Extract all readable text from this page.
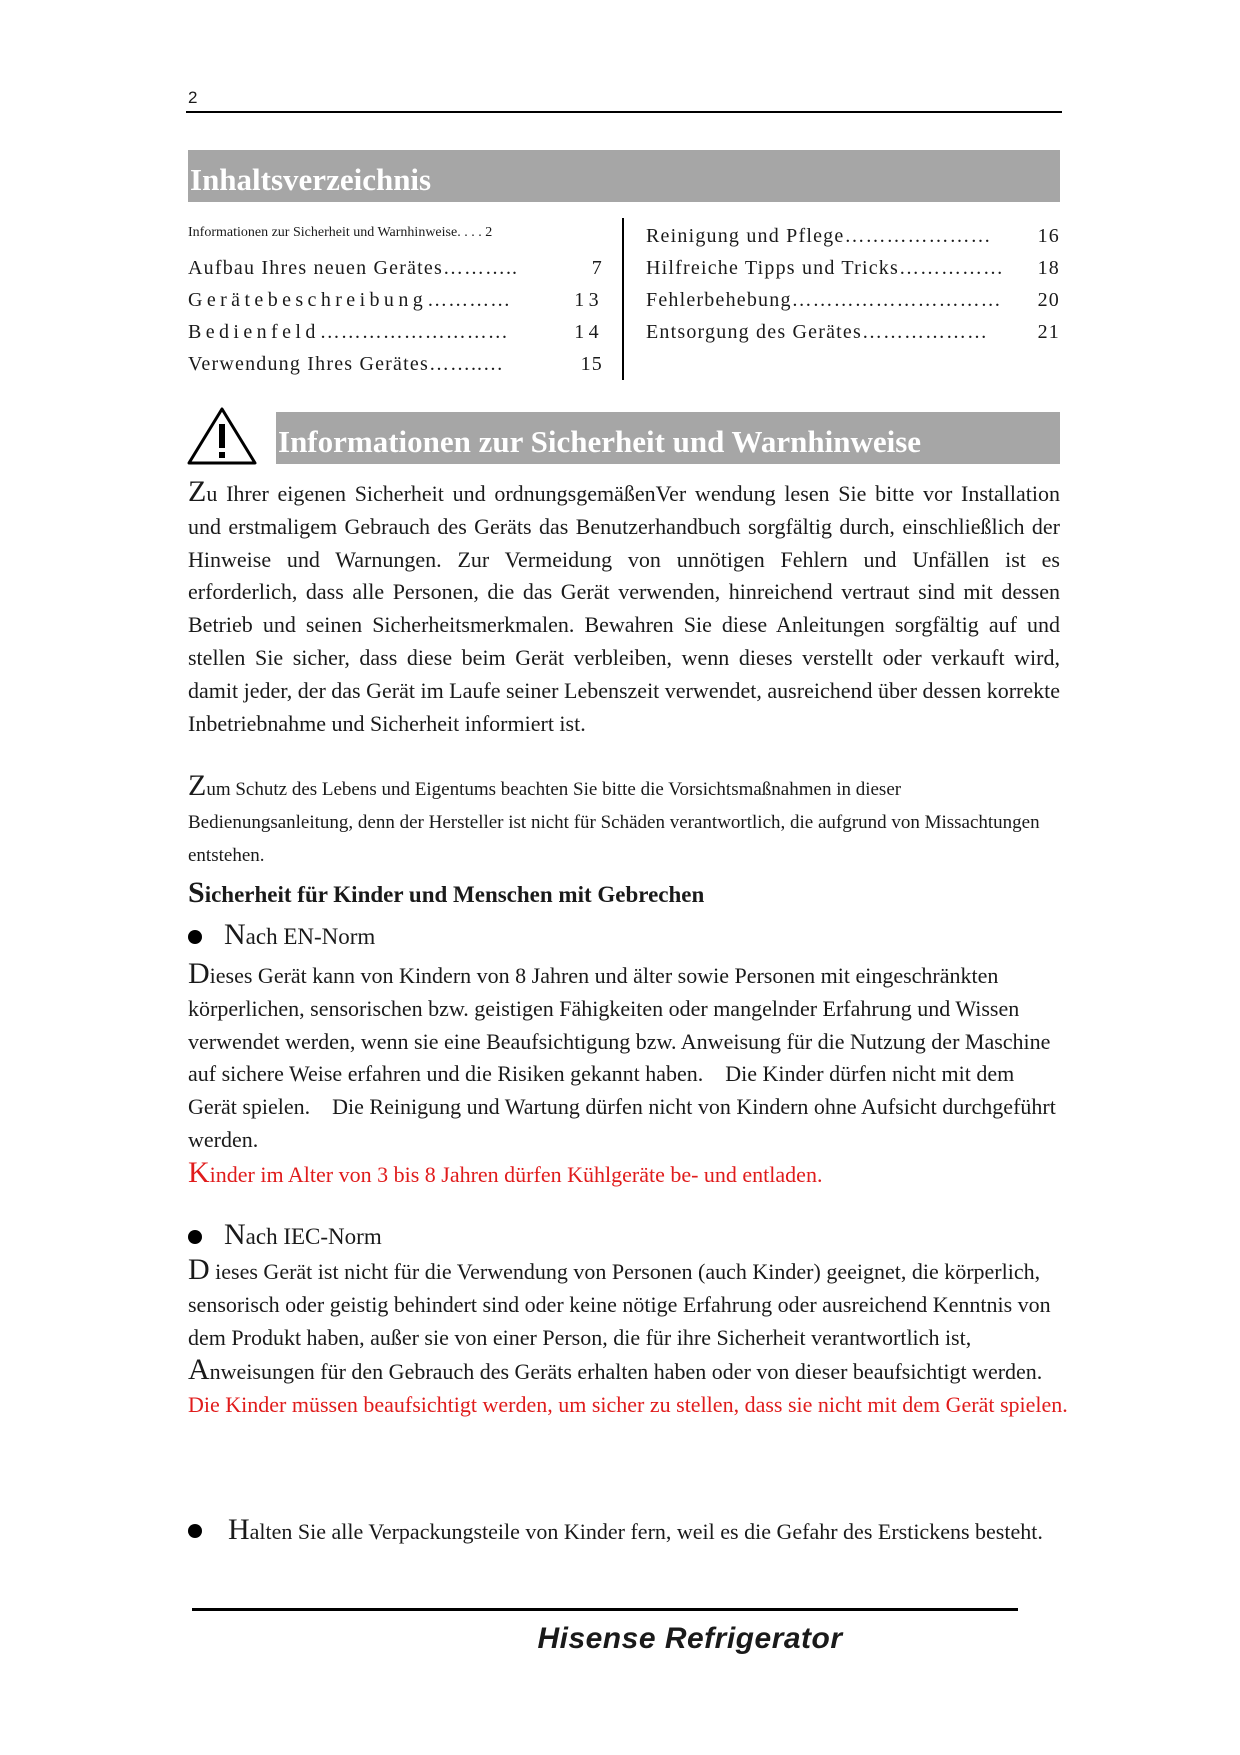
2
Inhaltsverzeichnis
Informationen zur Sicherheit und Warnhinweise. . . . 2
Aufbau Ihres neuen Gerätes ………..	7
Gerätebeschreibung …………	13
Bedienfeld ………………………	14
Verwendung Ihres Gerätes ……..…	15
Reinigung und Pflege …………………	16
Hilfreiche Tipps und Tricks ……………	18
Fehlerbehebung …………………………	20
Entsorgung des Gerätes ………………	21
Informationen zur Sicherheit und Warnhinweise
Zu Ihrer eigenen Sicherheit und ordnungsgemäßenVer wendung lesen Sie bitte vor Installation und erstmaligem Gebrauch des Geräts das Benutzerhandbuch sorgfältig durch, einschließlich der Hinweise und Warnungen. Zur Vermeidung von unnötigen Fehlern und Unfällen ist es erforderlich, dass alle Personen, die das Gerät verwenden, hinreichend vertraut sind mit dessen Betrieb und seinen Sicherheitsmerkmalen. Bewahren Sie diese Anleitungen sorgfältig auf und stellen Sie sicher, dass diese beim Gerät verbleiben, wenn dieses verstellt oder verkauft wird, damit jeder, der das Gerät im Laufe seiner Lebenszeit verwendet, ausreichend über dessen korrekte Inbetriebnahme und Sicherheit informiert ist.
Zum Schutz des Lebens und Eigentums beachten Sie bitte die Vorsichtsmaßnahmen in dieser Bedienungsanleitung, denn der Hersteller ist nicht für Schäden verantwortlich, die aufgrund von Missachtungen entstehen.
Sicherheit für Kinder und Menschen mit Gebrechen
Nach EN-Norm
Dieses Gerät kann von Kindern von 8 Jahren und älter sowie Personen mit eingeschränkten körperlichen, sensorischen bzw. geistigen Fähigkeiten oder mangelnder Erfahrung und Wissen verwendet werden, wenn sie eine Beaufsichtigung bzw. Anweisung für die Nutzung der Maschine auf sichere Weise erfahren und die Risiken gekannt haben.    Die Kinder dürfen nicht mit dem Gerät spielen.    Die Reinigung und Wartung dürfen nicht von Kindern ohne Aufsicht durchgeführt werden.
Kinder im Alter von 3 bis 8 Jahren dürfen Kühlgeräte be- und entladen.
Nach IEC-Norm
D ieses Gerät ist nicht für die Verwendung von Personen (auch Kinder) geeignet, die körperlich, sensorisch oder geistig behindert sind oder keine nötige Erfahrung oder ausreichend Kenntnis von dem Produkt haben, außer sie von einer Person, die für ihre Sicherheit verantwortlich ist,
Anweisungen für den Gebrauch des Geräts erhalten haben oder von dieser beaufsichtigt werden.
Die Kinder müssen beaufsichtigt werden, um sicher zu stellen, dass sie nicht mit dem Gerät spielen.
Halten Sie alle Verpackungsteile von Kinder fern, weil es die Gefahr des Erstickens besteht.
Hisense Refrigerator
